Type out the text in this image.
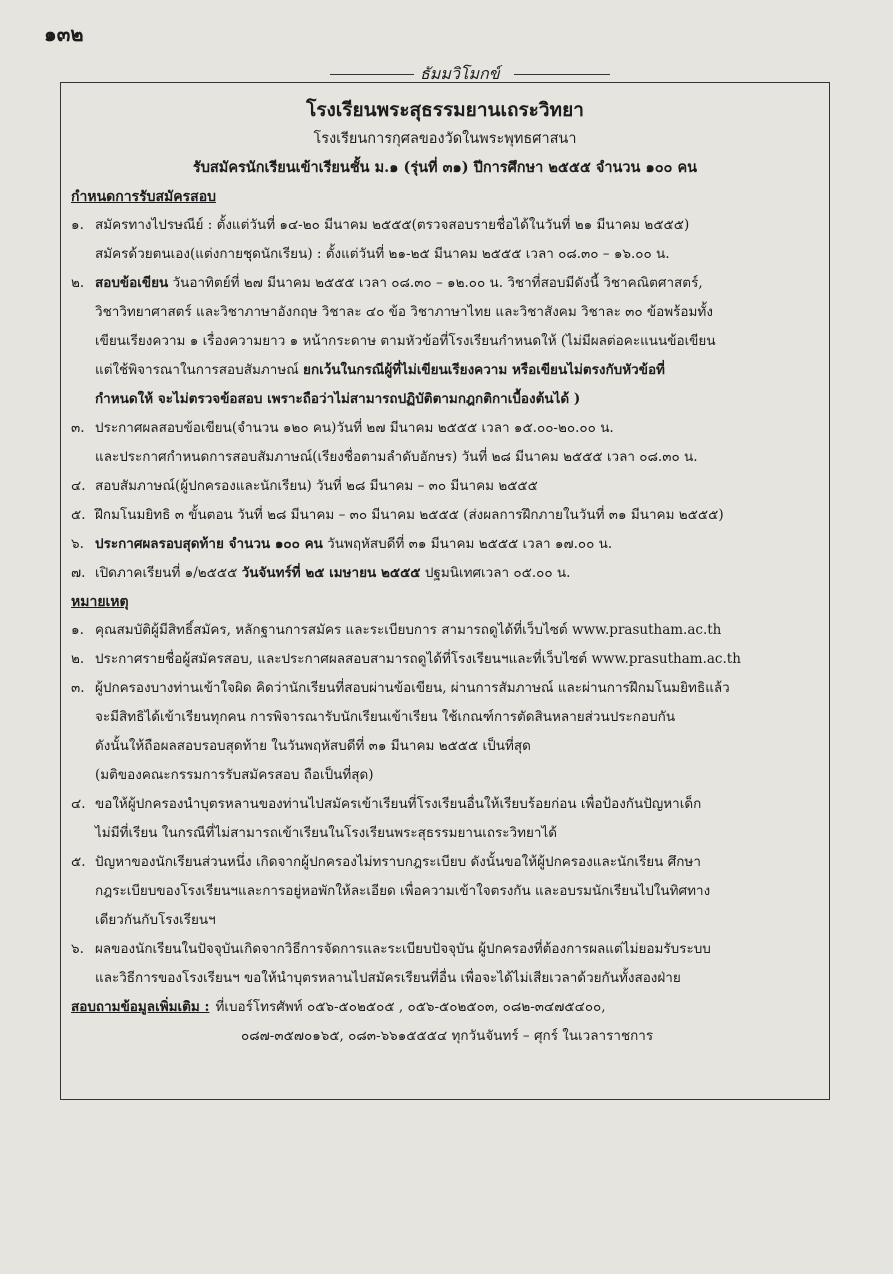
๑๓๒
ธัมมวิโมกข์
โรงเรียนพระสุธรรมยานเถระวิทยา
โรงเรียนการกุศลของวัดในพระพุทธศาสนา
รับสมัครนักเรียนเข้าเรียนชั้น ม.๑ (รุ่นที่ ๓๑) ปีการศึกษา ๒๕๕๕ จำนวน ๑๐๐ คน
กำหนดการรับสมัครสอบ
๑. สมัครทางไปรษณีย์ : ตั้งแต่วันที่ ๑๔-๒๐ มีนาคม ๒๕๕๕(ตรวจสอบรายชื่อได้ในวันที่ ๒๑ มีนาคม ๒๕๕๕)
สมัครด้วยตนเอง(แต่งกายชุดนักเรียน) : ตั้งแต่วันที่ ๒๑-๒๕ มีนาคม ๒๕๕๕ เวลา ๐๘.๓๐ – ๑๖.๐๐ น.
๒. สอบข้อเขียน วันอาทิตย์ที่ ๒๗ มีนาคม ๒๕๕๕ เวลา ๐๘.๓๐ – ๑๒.๐๐ น. วิชาที่สอบมีดังนี้ วิชาคณิตศาสตร์,
วิชาวิทยาศาสตร์ และวิชาภาษาอังกฤษ วิชาละ ๔๐ ข้อ วิชาภาษาไทย และวิชาสังคม วิชาละ ๓๐ ข้อพร้อมทั้ง
เขียนเรียงความ ๑ เรื่องความยาว ๑ หน้ากระดาษ ตามหัวข้อที่โรงเรียนกำหนดให้ (ไม่มีผลต่อคะแนนข้อเขียน
แต่ใช้พิจารณาในการสอบสัมภาษณ์ ยกเว้นในกรณีผู้ที่ไม่เขียนเรียงความ หรือเขียนไม่ตรงกับหัวข้อที่
กำหนดให้ จะไม่ตรวจข้อสอบ เพราะถือว่าไม่สามารถปฏิบัติตามกฎกติกาเบื้องต้นได้ )
๓. ประกาศผลสอบข้อเขียน(จำนวน ๑๒๐ คน)วันที่ ๒๗ มีนาคม ๒๕๕๕ เวลา ๑๕.๐๐-๒๐.๐๐ น.
และประกาศกำหนดการสอบสัมภาษณ์(เรียงชื่อตามลำดับอักษร) วันที่ ๒๘ มีนาคม ๒๕๕๕ เวลา ๐๘.๓๐ น.
๔. สอบสัมภาษณ์(ผู้ปกครองและนักเรียน) วันที่ ๒๘ มีนาคม – ๓๐ มีนาคม ๒๕๕๕
๕. ฝึกมโนมยิทธิ ๓ ขั้นตอน วันที่ ๒๘ มีนาคม – ๓๐ มีนาคม ๒๕๕๕ (ส่งผลการฝึกภายในวันที่ ๓๑ มีนาคม ๒๕๕๕)
๖. ประกาศผลรอบสุดท้าย จำนวน ๑๐๐ คน วันพฤหัสบดีที่ ๓๑ มีนาคม ๒๕๕๕ เวลา ๑๗.๐๐ น.
๗. เปิดภาคเรียนที่ ๑/๒๕๕๕ วันจันทร์ที่ ๒๕ เมษายน ๒๕๕๕ ปฐมนิเทศเวลา ๐๕.๐๐ น.
หมายเหตุ
๑. คุณสมบัติผู้มีสิทธิ์สมัคร, หลักฐานการสมัคร และระเบียบการ สามารถดูได้ที่เว็บไซต์ www.prasutham.ac.th
๒. ประกาศรายชื่อผู้สมัครสอบ, และประกาศผลสอบสามารถดูได้ที่โรงเรียนฯและที่เว็บไซต์ www.prasutham.ac.th
๓. ผู้ปกครองบางท่านเข้าใจผิด คิดว่านักเรียนที่สอบผ่านข้อเขียน, ผ่านการสัมภาษณ์ และผ่านการฝึกมโนมยิทธิแล้ว
จะมีสิทธิได้เข้าเรียนทุกคน การพิจารณารับนักเรียนเข้าเรียน ใช้เกณฑ์การตัดสินหลายส่วนประกอบกัน
ดังนั้นให้ถือผลสอบรอบสุดท้าย ในวันพฤหัสบดีที่ ๓๑ มีนาคม ๒๕๕๕ เป็นที่สุด
(มติของคณะกรรมการรับสมัครสอบ ถือเป็นที่สุด)
๔. ขอให้ผู้ปกครองนำบุตรหลานของท่านไปสมัครเข้าเรียนที่โรงเรียนอื่นให้เรียบร้อยก่อน เพื่อป้องกันปัญหาเด็ก
ไม่มีที่เรียน ในกรณีที่ไม่สามารถเข้าเรียนในโรงเรียนพระสุธรรมยานเถระวิทยาได้
๕. ปัญหาของนักเรียนส่วนหนึ่ง เกิดจากผู้ปกครองไม่ทราบกฎระเบียบ ดังนั้นขอให้ผู้ปกครองและนักเรียน ศึกษา
กฎระเบียบของโรงเรียนฯและการอยู่หอพักให้ละเอียด เพื่อความเข้าใจตรงกัน และอบรมนักเรียนไปในทิศทาง
เดียวกันกับโรงเรียนฯ
๖. ผลของนักเรียนในปัจจุบันเกิดจากวิธีการจัดการและระเบียบปัจจุบัน ผู้ปกครองที่ต้องการผลแต่ไม่ยอมรับระบบ
และวิธีการของโรงเรียนฯ ขอให้นำบุตรหลานไปสมัครเรียนที่อื่น เพื่อจะได้ไม่เสียเวลาด้วยกันทั้งสองฝ่าย
สอบถามข้อมูลเพิ่มเติม : ที่เบอร์โทรศัพท์ ๐๕๖-๕๐๒๕๐๕ , ๐๕๖-๕๐๒๕๐๓, ๐๘๒-๓๔๗๕๔๐๐,
๐๘๗-๓๕๗๐๑๖๕, ๐๘๓-๖๖๑๕๕๕๔ ทุกวันจันทร์ – ศุกร์ ในเวลาราชการ
